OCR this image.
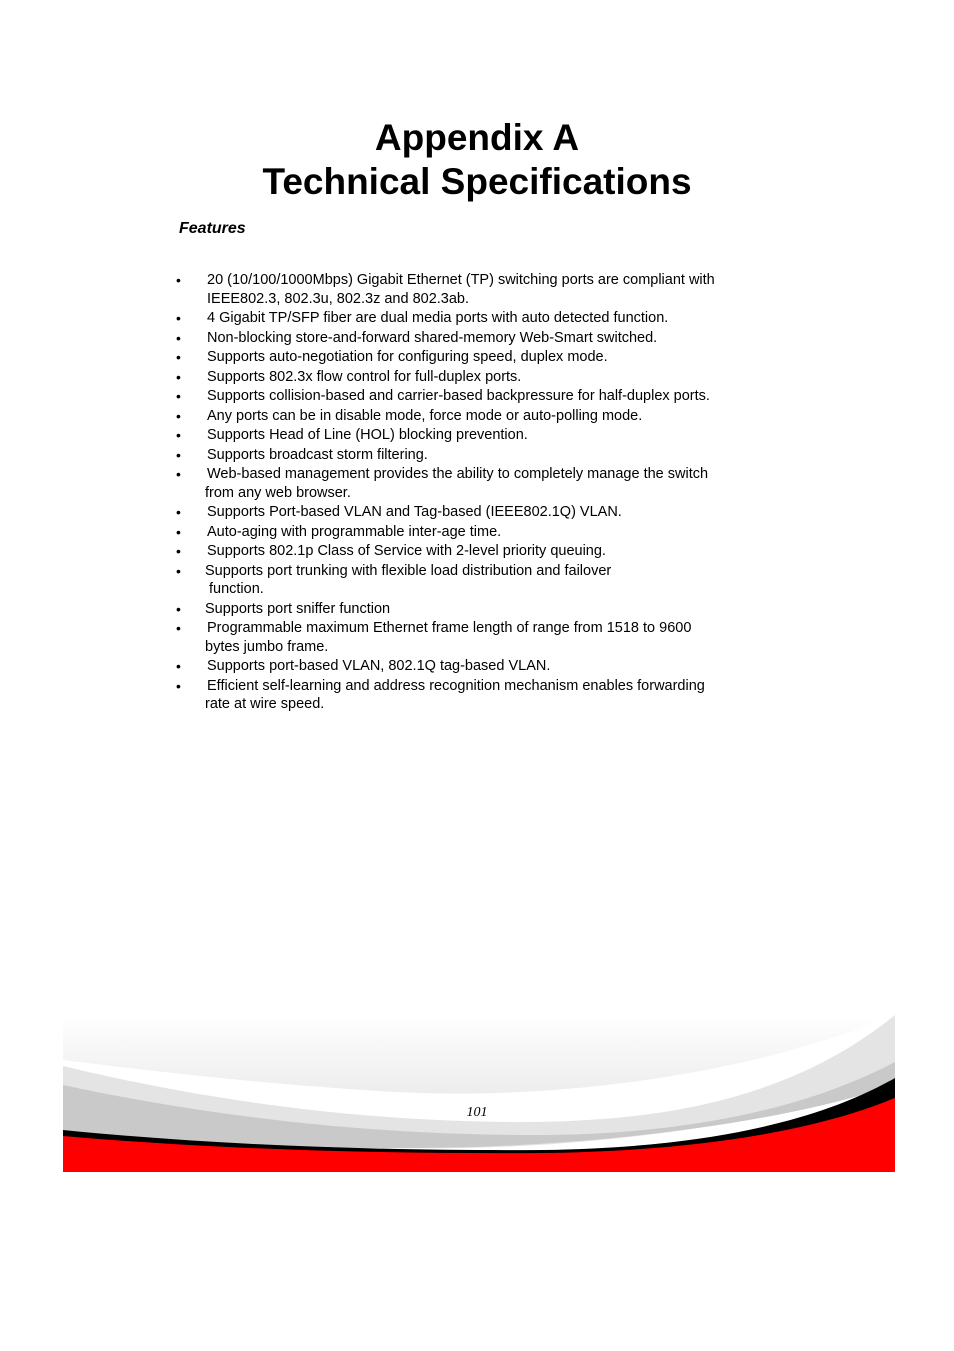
Appendix A
Technical Specifications
Features
•	20 (10/100/1000Mbps) Gigabit Ethernet (TP) switching ports are compliant with
IEEE802.3, 802.3u, 802.3z and 802.3ab.
•	4 Gigabit TP/SFP fiber are dual media ports with auto detected function.
•	Non-blocking store-and-forward shared-memory Web-Smart switched.
•	Supports auto-negotiation for configuring speed, duplex mode.
•	Supports 802.3x flow control for full-duplex ports.
•	Supports collision-based and carrier-based backpressure for half-duplex ports.
•	Any ports can be in disable mode, force mode or auto-polling mode.
•	Supports Head of Line (HOL) blocking prevention.
•	Supports broadcast storm filtering.
•	Web-based management provides the ability to completely manage the switch
from any web browser.
•	Supports Port-based VLAN and Tag-based (IEEE802.1Q) VLAN.
•	Auto-aging with programmable inter-age time.
•	Supports 802.1p Class of Service with 2-level priority queuing.
•	Supports port trunking with flexible load distribution and failover
function.
•	Supports port sniffer function
•	Programmable maximum Ethernet frame length of range from 1518 to 9600
bytes jumbo frame.
•	Supports port-based VLAN, 802.1Q tag-based VLAN.
•	Efficient self-learning and address recognition mechanism enables forwarding
rate at wire speed.
101
